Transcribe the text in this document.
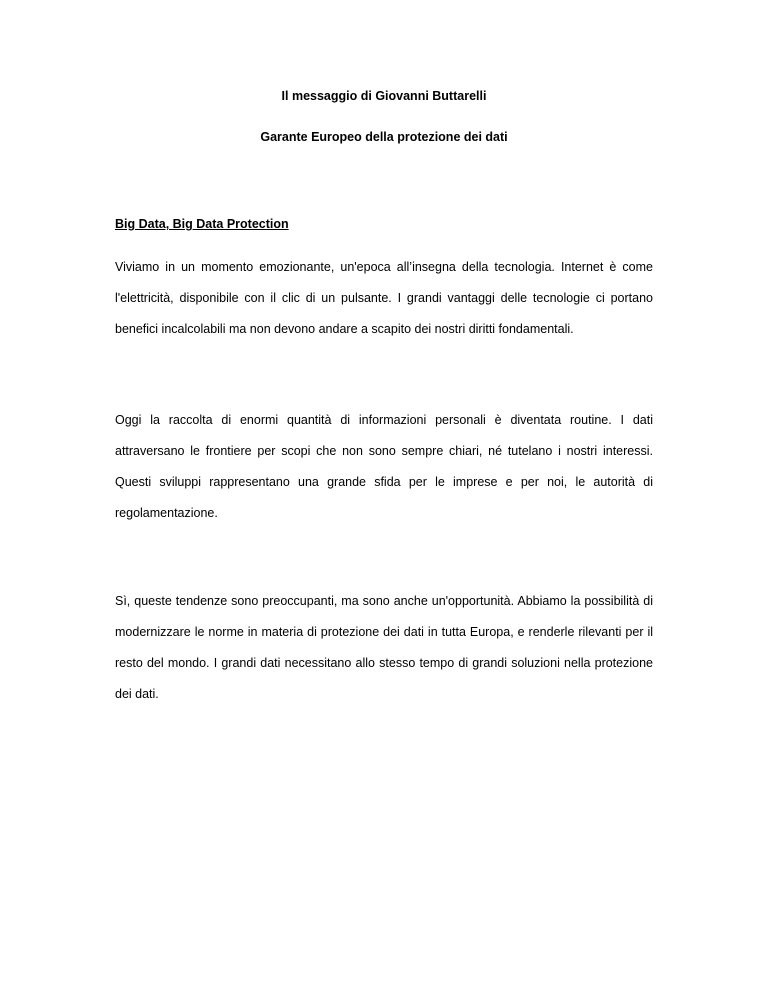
Il messaggio di Giovanni Buttarelli

Garante Europeo della protezione dei dati

Big Data, Big Data Protection

Viviamo in un momento emozionante, un'epoca all’insegna della tecnologia. Internet è come l'elettricità, disponibile con il clic di un pulsante. I grandi vantaggi delle tecnologie ci portano benefici incalcolabili ma non devono andare a scapito dei nostri diritti fondamentali.

Oggi la raccolta di enormi quantità di informazioni personali è diventata routine. I dati attraversano le frontiere per scopi che non sono sempre chiari, né tutelano i nostri interessi. Questi sviluppi rappresentano una grande sfida per le imprese e per noi, le autorità di regolamentazione.

Sì, queste tendenze sono preoccupanti, ma sono anche un'opportunità. Abbiamo la possibilità di modernizzare le norme in materia di protezione dei dati in tutta Europa, e renderle rilevanti per il resto del mondo. I grandi dati necessitano allo stesso tempo di grandi soluzioni nella protezione dei dati.
